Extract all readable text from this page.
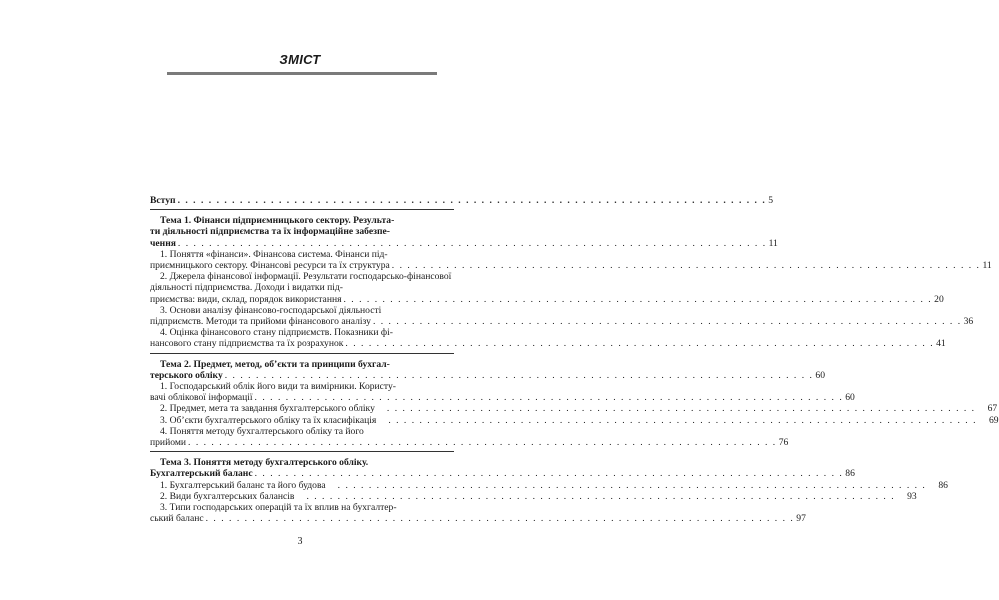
ЗМІСТ
Вступ . . .	5
Тема 1. Фінанси підприємницького сектору. Результа-
ти діяльності підприємства та їх інформаційне забезпе-
чення . . .	11
1. Поняття «фінанси». Фінансова система. Фінанси під-
приємницького сектору. Фінансові ресурси та їх структура . . .	11
2. Джерела фінансової інформації. Результати господарсько-фінансової діяльності підприємства. Доходи і видатки під-
приємства: види, склад, порядок використання . . .	20
3. Основи аналізу фінансово-господарської діяльності
підприємств. Методи та прийоми фінансового аналізу . . .	36
4. Оцінка фінансового стану підприємств. Показники фі-
нансового стану підприємства та їх розрахунок . . .	41
Тема 2. Предмет, метод, об’єкти та принципи бухгал-
терського обліку . . .	60
1. Господарський облік його види та вимірники. Користу-
вачі облікової інформації . . .	60
2. Предмет, мета та завдання бухгалтерського обліку . . .	67
3. Об’єкти бухгалтерського обліку та їх класифікація . . .	69
4. Поняття методу бухгалтерського обліку та його
прийоми . . .	76
Тема 3. Поняття методу бухгалтерського обліку.
Бухгалтерський баланс . . .	86
1. Бухгалтерський баланс та його будова . . .	86
2. Види бухгалтерських балансів . . .	93
3. Типи господарських операцій та їх вплив на бухгалтер-
ський баланс . . .	97
3
